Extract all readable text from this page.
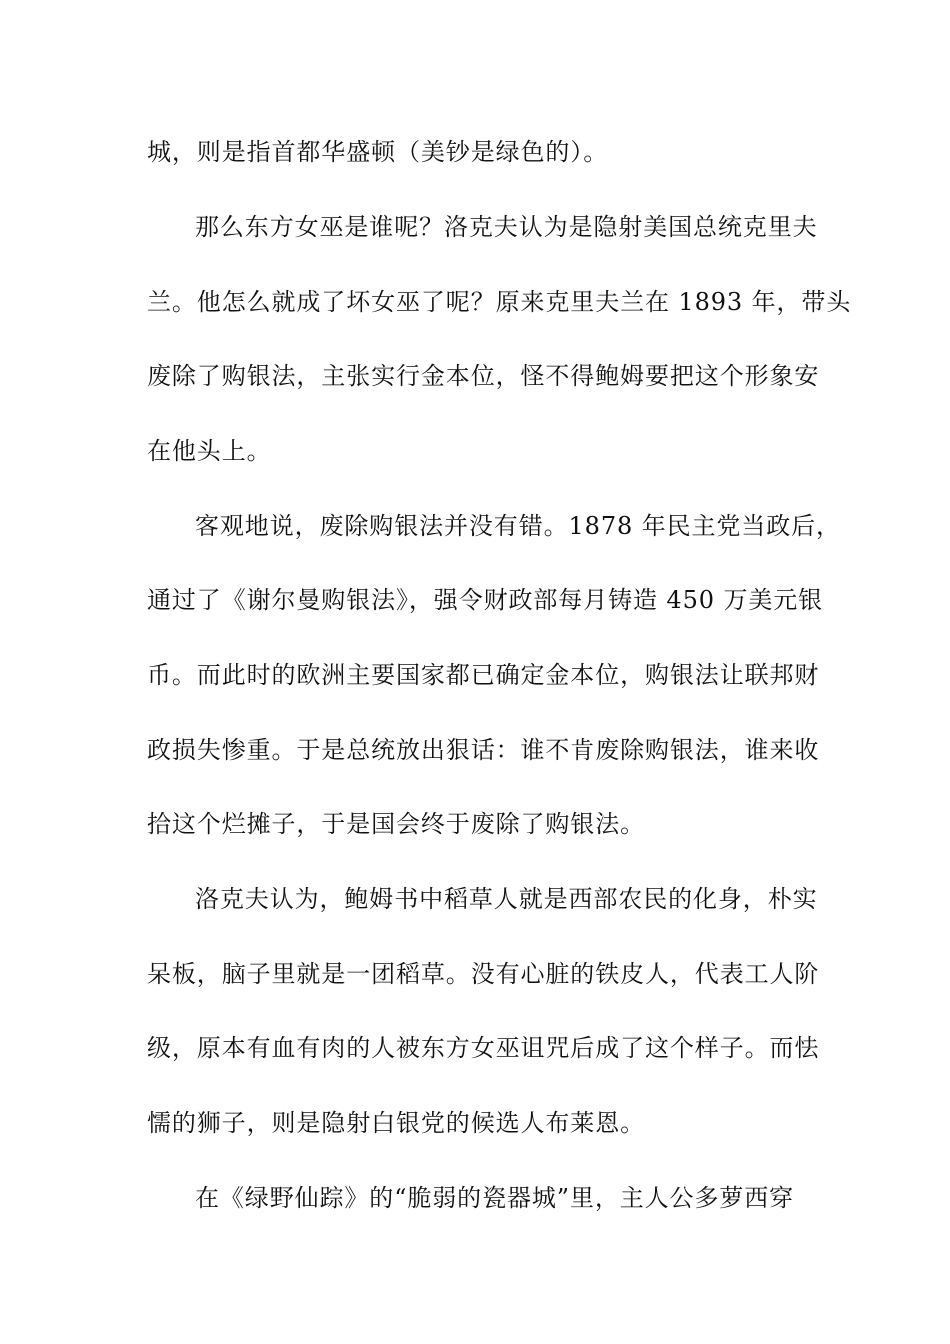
城，则是指首都华盛顿（美钞是绿色的）。
那么东方女巫是谁呢？洛克夫认为是隐射美国总统克里夫
兰。他怎么就成了坏女巫了呢？原来克里夫兰在 1893 年，带头
废除了购银法，主张实行金本位，怪不得鲍姆要把这个形象安
在他头上。
客观地说，废除购银法并没有错。1878 年民主党当政后，
通过了《谢尔曼购银法》，强令财政部每月铸造 450 万美元银
币。而此时的欧洲主要国家都已确定金本位，购银法让联邦财
政损失惨重。于是总统放出狠话：谁不肯废除购银法，谁来收
拾这个烂摊子，于是国会终于废除了购银法。
洛克夫认为，鲍姆书中稻草人就是西部农民的化身，朴实
呆板，脑子里就是一团稻草。没有心脏的铁皮人，代表工人阶
级，原本有血有肉的人被东方女巫诅咒后成了这个样子。而怯
懦的狮子，则是隐射白银党的候选人布莱恩。
在《绿野仙踪》的“脆弱的瓷器城”里，主人公多萝西穿
